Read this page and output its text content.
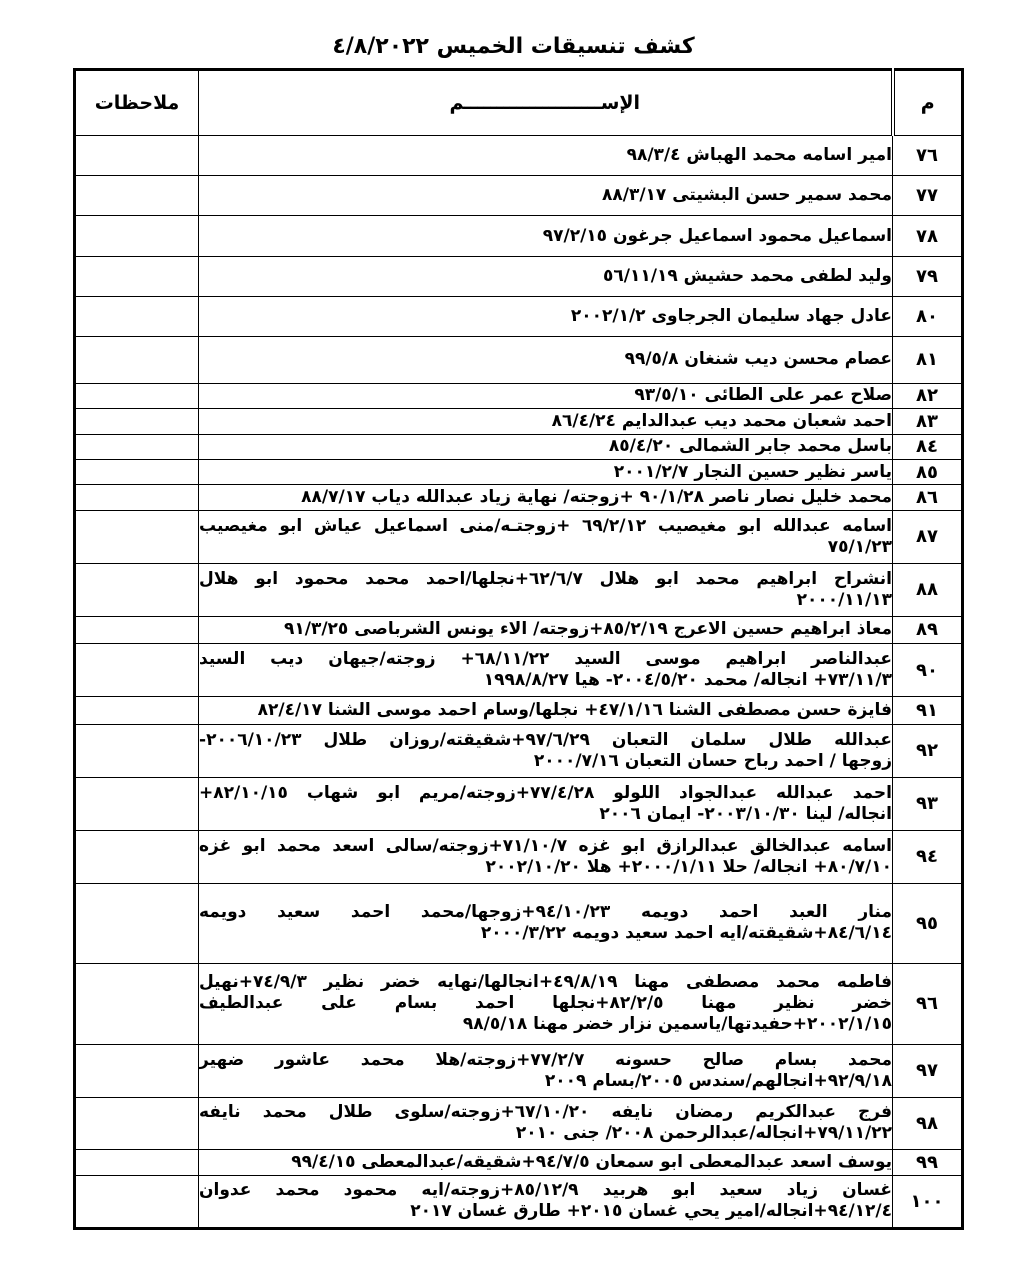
كشف تنسيقات الخميس ٤/٨/٢٠٢٢
م	الإســـــــــــــــــــــم	ملاحظات
٧٦	امير اسامه محمد الهباش ٩٨/٣/٤	

٧٧	محمد سمير حسن البشيتى ٨٨/٣/١٧	

٧٨	اسماعيل محمود اسماعيل جرغون ٩٧/٢/١٥	

٧٩	وليد لطفى محمد حشيش ٥٦/١١/١٩	

٨٠	عادل جهاد سليمان الجرجاوى ٢٠٠٢/١/٢	

٨١	عصام محسن ديب شنغان ٩٩/٥/٨	

٨٢	صلاح عمر على الطائى ٩٣/٥/١٠	

٨٣	احمد شعبان محمد ديب عبدالدايم ٨٦/٤/٢٤	

٨٤	باسل محمد جابر الشمالى ٨٥/٤/٢٠	

٨٥	ياسر نظير حسين النجار ٢٠٠١/٢/٧	

٨٦	محمد خليل نصار ناصر ٩٠/١/٢٨ +زوجته/ نهاية زياد عبدالله دياب ٨٨/٧/١٧	

٨٧	اسامه عبدالله ابو مغيصيب ٦٩/٢/١٢ +زوجتـه/منى اسماعيل عياش ابو مغيصيب
٧٥/١/٢٣	

٨٨	انشراح ابراهيم محمد ابو هلال ٦٢/٦/٧+نجلها/احمد محمد محمود ابو هلال
٢٠٠٠/١١/١٣	

٨٩	معاذ ابراهيم حسين الاعرج ٨٥/٢/١٩+زوجته/ الاء يونس الشرباصى ٩١/٣/٢٥	

٩٠	عبدالناصر ابراهيم موسى السيد ٦٨/١١/٢٢+ زوجته/جيهان ديب السيد
٧٣/١١/٣+ انجاله/ محمد ٢٠٠٤/٥/٢٠- هيا ١٩٩٨/٨/٢٧	

٩١	فايزة حسن مصطفى الشنا ٤٧/١/١٦+ نجلها/وسام احمد موسى الشنا ٨٢/٤/١٧	

٩٢	عبدالله طلال سلمان التعبان ٩٧/٦/٢٩+شقيقته/روزان طلال ٢٠٠٦/١٠/٢٣-
زوجها / احمد رباح حسان التعبان ٢٠٠٠/٧/١٦	

٩٣	احمد عبدالله عبدالجواد اللولو ٧٧/٤/٢٨+زوجته/مريم ابو شهاب ٨٢/١٠/١٥+
انجاله/ لينا ٢٠٠٣/١٠/٣٠- ايمان ٢٠٠٦	

٩٤	اسامه عبدالخالق عبدالرازق ابو غزه ٧١/١٠/٧+زوجته/سالى اسعد محمد ابو غزه
٨٠/٧/١٠+ انجاله/ حلا ٢٠٠٠/١/١١+ هلا ٢٠٠٢/١٠/٢٠	

٩٥	منار العبد احمد دويمه ٩٤/١٠/٢٣+زوجها/محمد احمد سعيد دويمه
٨٤/٦/١٤+شقيقته/ايه احمد سعيد دويمه ٢٠٠٠/٣/٢٢	

٩٦	فاطمه محمد مصطفى مهنا ٤٩/٨/١٩+انجالها/نهايه خضر نظير ٧٤/٩/٣+نهيل
خضر نظير مهنا ٨٢/٢/٥+نجلها احمد بسام على عبدالطيف
٢٠٠٢/١/١٥+حفيدتها/ياسمين نزار خضر مهنا ٩٨/٥/١٨	

٩٧	محمد بسام صالح حسونه ٧٧/٢/٧+زوجته/هلا محمد عاشور ضهير
٩٢/٩/١٨+انجالهم/سندس ٢٠٠٥/بسام ٢٠٠٩	

٩٨	فرج عبدالكريم رمضان نايفه ٦٧/١٠/٢٠+زوجته/سلوى طلال محمد نايفه
٧٩/١١/٢٢+انجاله/عبدالرحمن ٢٠٠٨/ جنى ٢٠١٠	

٩٩	يوسف اسعد عبدالمعطى ابو سمعان ٩٤/٧/٥+شقيقه/عبدالمعطى ٩٩/٤/١٥	

١٠٠	غسان زياد سعيد ابو هربيد ٨٥/١٢/٩+زوجته/ايه محمود محمد عدوان
٩٤/١٢/٤+انجاله/امير يحي غسان ٢٠١٥+ طارق غسان ٢٠١٧	
